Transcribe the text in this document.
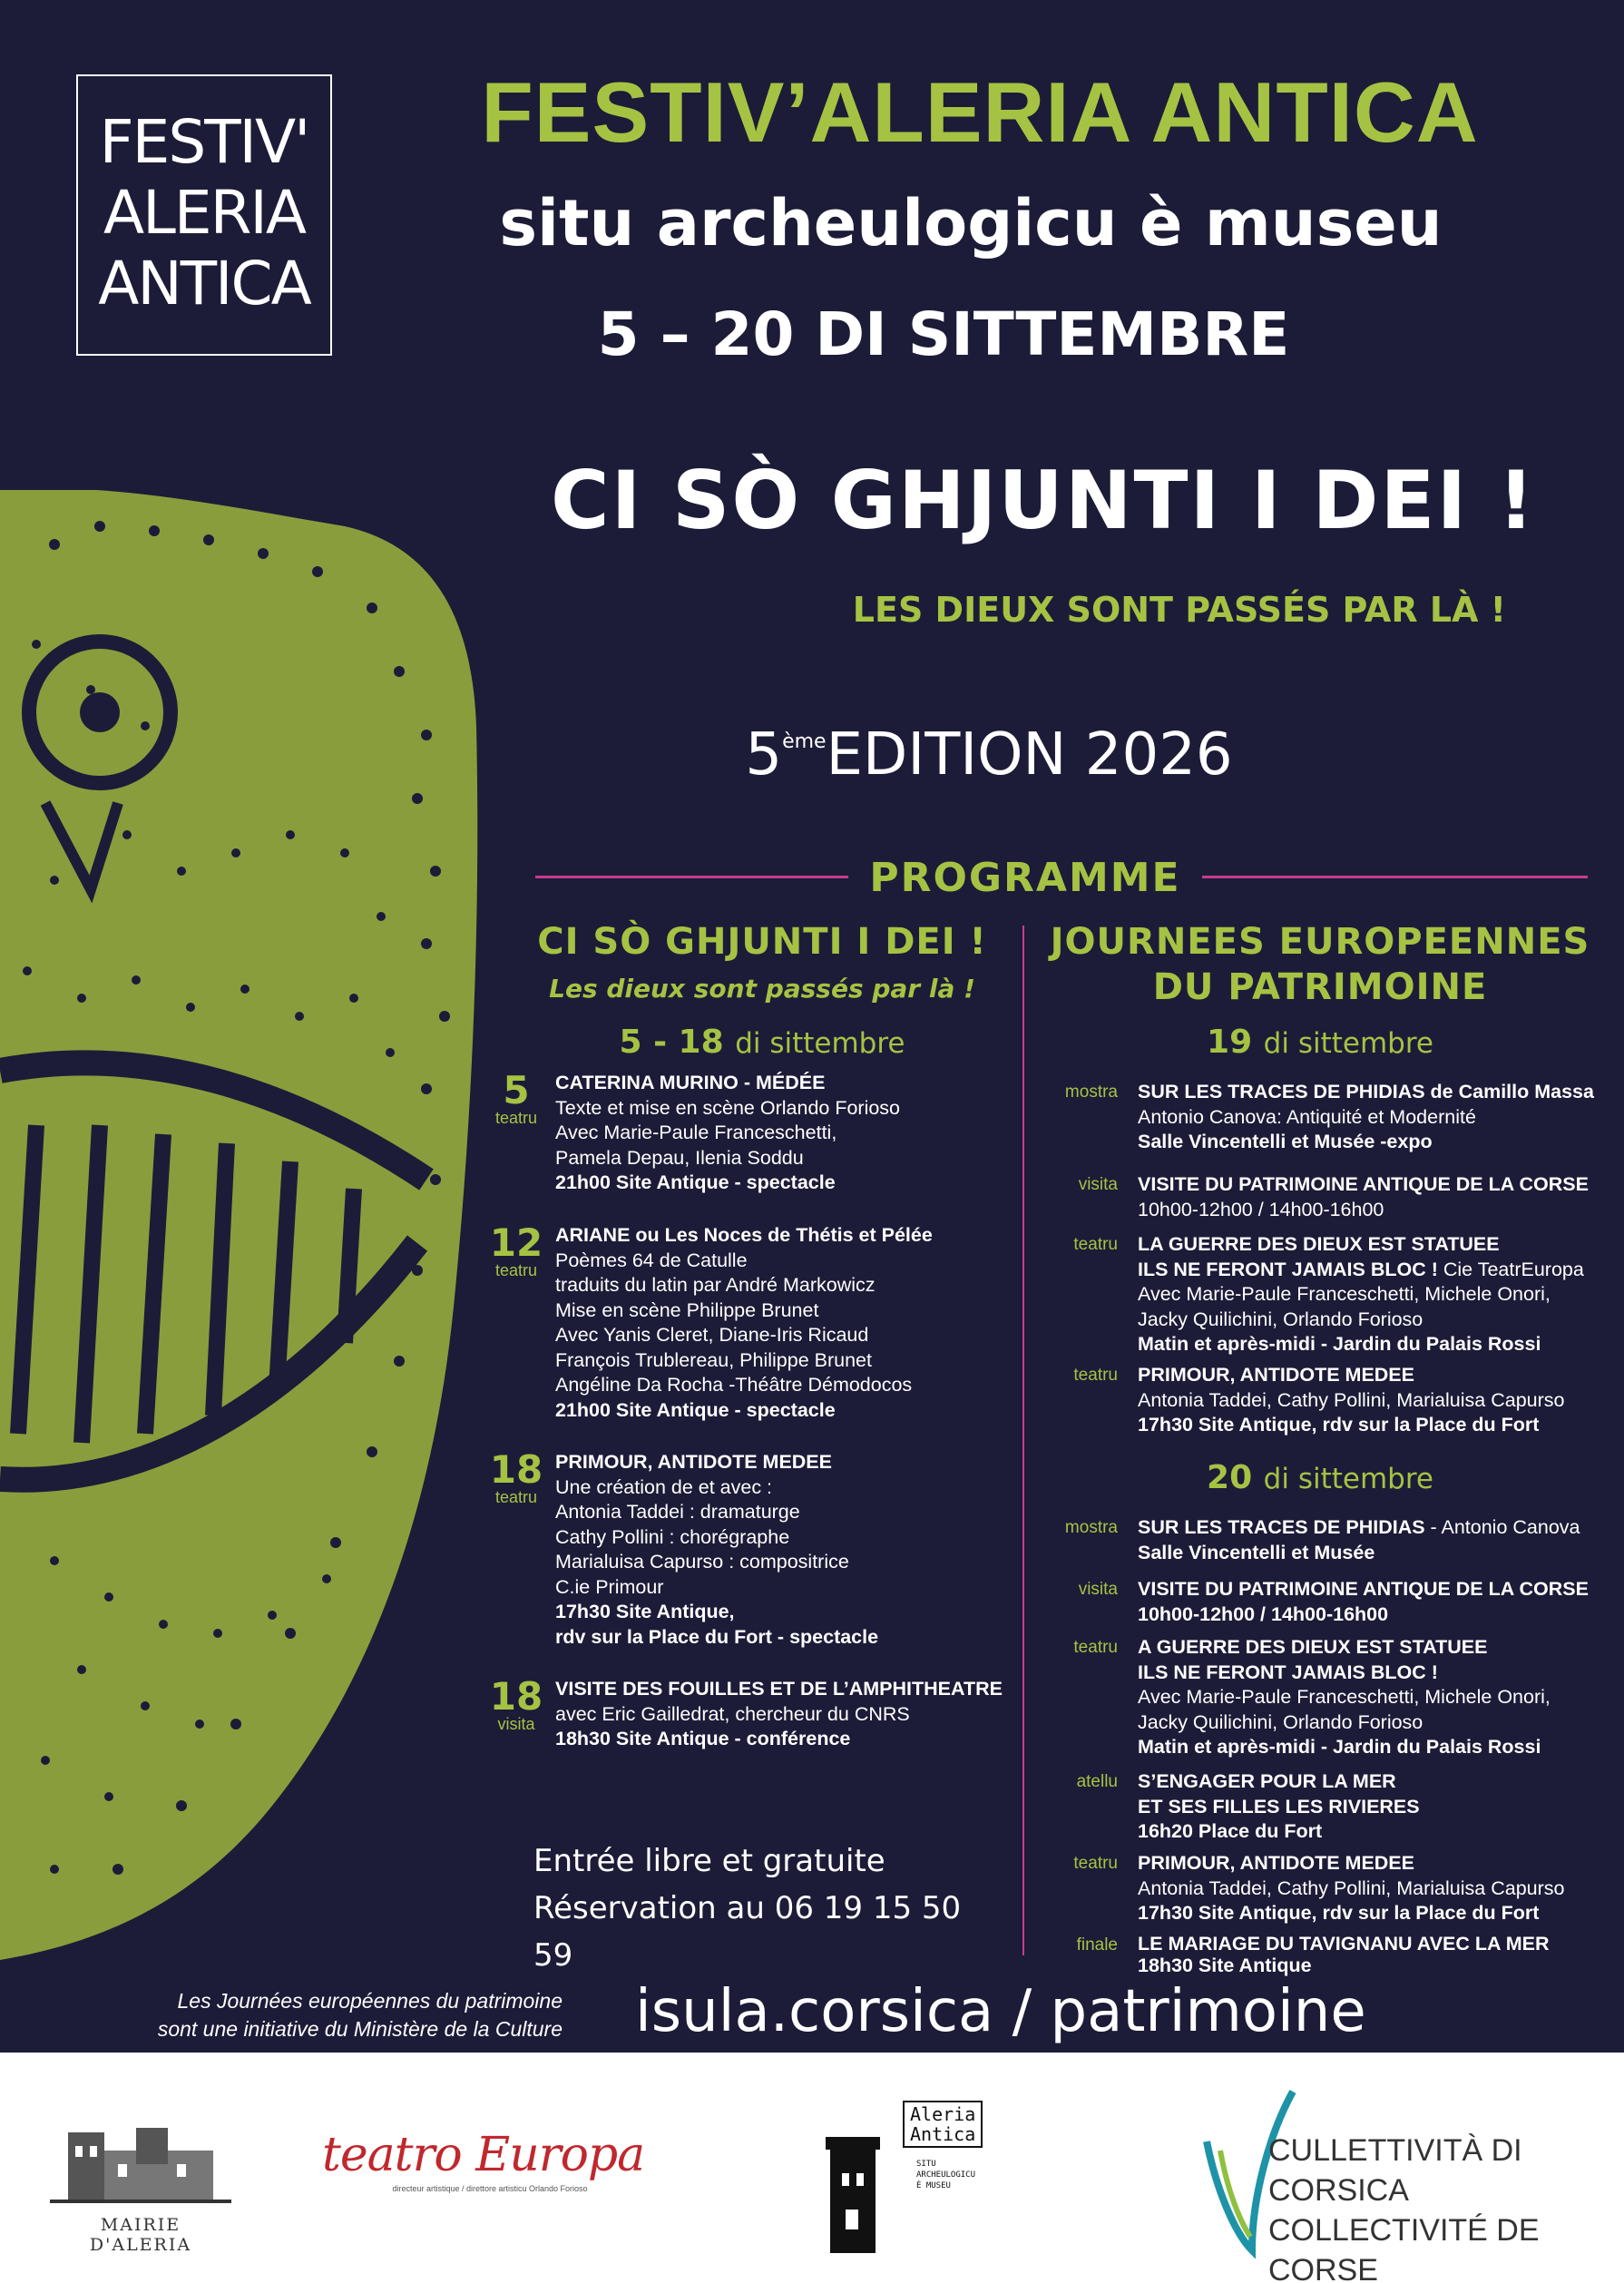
FESTIV'
ALERIA
ANTICA
FESTIV’ALERIA ANTICA
situ archeulogicu è museu
5 – 20 DI SITTEMBRE
CI SÒ GHJUNTI I DEI !
LES DIEUX SONT PASSÉS PAR LÀ !
5èmeEDITION 2026
PROGRAMME
CI SÒ GHJUNTI I DEI !
Les dieux sont passés par là !
5 - 18 di sittembre
5
teatru
CATERINA MURINO - MÉDÉE
Texte et mise en scène Orlando Forioso
Avec Marie-Paule Franceschetti,
Pamela Depau, Ilenia Soddu
21h00 Site Antique - spectacle
12
teatru
ARIANE ou Les Noces de Thétis et Pélée
Poèmes 64 de Catulle
traduits du latin par André Markowicz
Mise en scène Philippe Brunet
Avec Yanis Cleret, Diane-Iris Ricaud
François Trublereau, Philippe Brunet
Angéline Da Rocha -Théâtre Démodocos
21h00 Site Antique - spectacle
18
teatru
PRIMOUR, ANTIDOTE MEDEE
Une création de et avec :
Antonia Taddei : dramaturge
Cathy Pollini : chorégraphe
Marialuisa Capurso : compositrice
C.ie Primour
17h30 Site Antique,
rdv sur la Place du Fort - spectacle
18
visita
VISITE DES FOUILLES ET DE L’AMPHITHEATRE
avec Eric Gailledrat, chercheur du CNRS
18h30 Site Antique - conférence
Entrée libre et gratuite
Réservation au 06 19 15 50 59
JOURNEES EUROPEENNES
DU PATRIMOINE
19 di sittembre
mostra SUR LES TRACES DE PHIDIAS de Camillo Massa
Antonio Canova: Antiquité et Modernité
Salle Vincentelli et Musée -expo
visita VISITE DU PATRIMOINE ANTIQUE DE LA CORSE
10h00-12h00 / 14h00-16h00
teatru LA GUERRE DES DIEUX EST STATUEE
ILS NE FERONT JAMAIS BLOC ! Cie TeatrEuropa
Avec Marie-Paule Franceschetti, Michele Onori,
Jacky Quilichini, Orlando Forioso
Matin et après-midi - Jardin du Palais Rossi
teatru PRIMOUR, ANTIDOTE MEDEE
Antonia Taddei, Cathy Pollini, Marialuisa Capurso
17h30 Site Antique, rdv sur la Place du Fort
20 di sittembre
mostra SUR LES TRACES DE PHIDIAS - Antonio Canova
Salle Vincentelli et Musée
visita VISITE DU PATRIMOINE ANTIQUE DE LA CORSE
10h00-12h00 / 14h00-16h00
teatru A GUERRE DES DIEUX EST STATUEE
ILS NE FERONT JAMAIS BLOC !
Avec Marie-Paule Franceschetti, Michele Onori,
Jacky Quilichini, Orlando Forioso
Matin et après-midi - Jardin du Palais Rossi
atellu S’ENGAGER POUR LA MER
ET SES FILLES LES RIVIERES
16h20 Place du Fort
teatru PRIMOUR, ANTIDOTE MEDEE
Antonia Taddei, Cathy Pollini, Marialuisa Capurso
17h30 Site Antique, rdv sur la Place du Fort
finale LE MARIAGE DU TAVIGNANU AVEC LA MER
18h30 Site Antique
Les Journées européennes du patrimoine
sont une initiative du Ministère de la Culture isula.corsica / patrimoine
MAIRIE D'ALERIA
teatro Europa
directeur artistique / direttore artisticu Orlando Forioso
Aleria
Antica
SITU
ARCHEULOGICU
È MUSEU
CULLETTIVITÀ DI CORSICA
COLLECTIVITÉ DE CORSE
